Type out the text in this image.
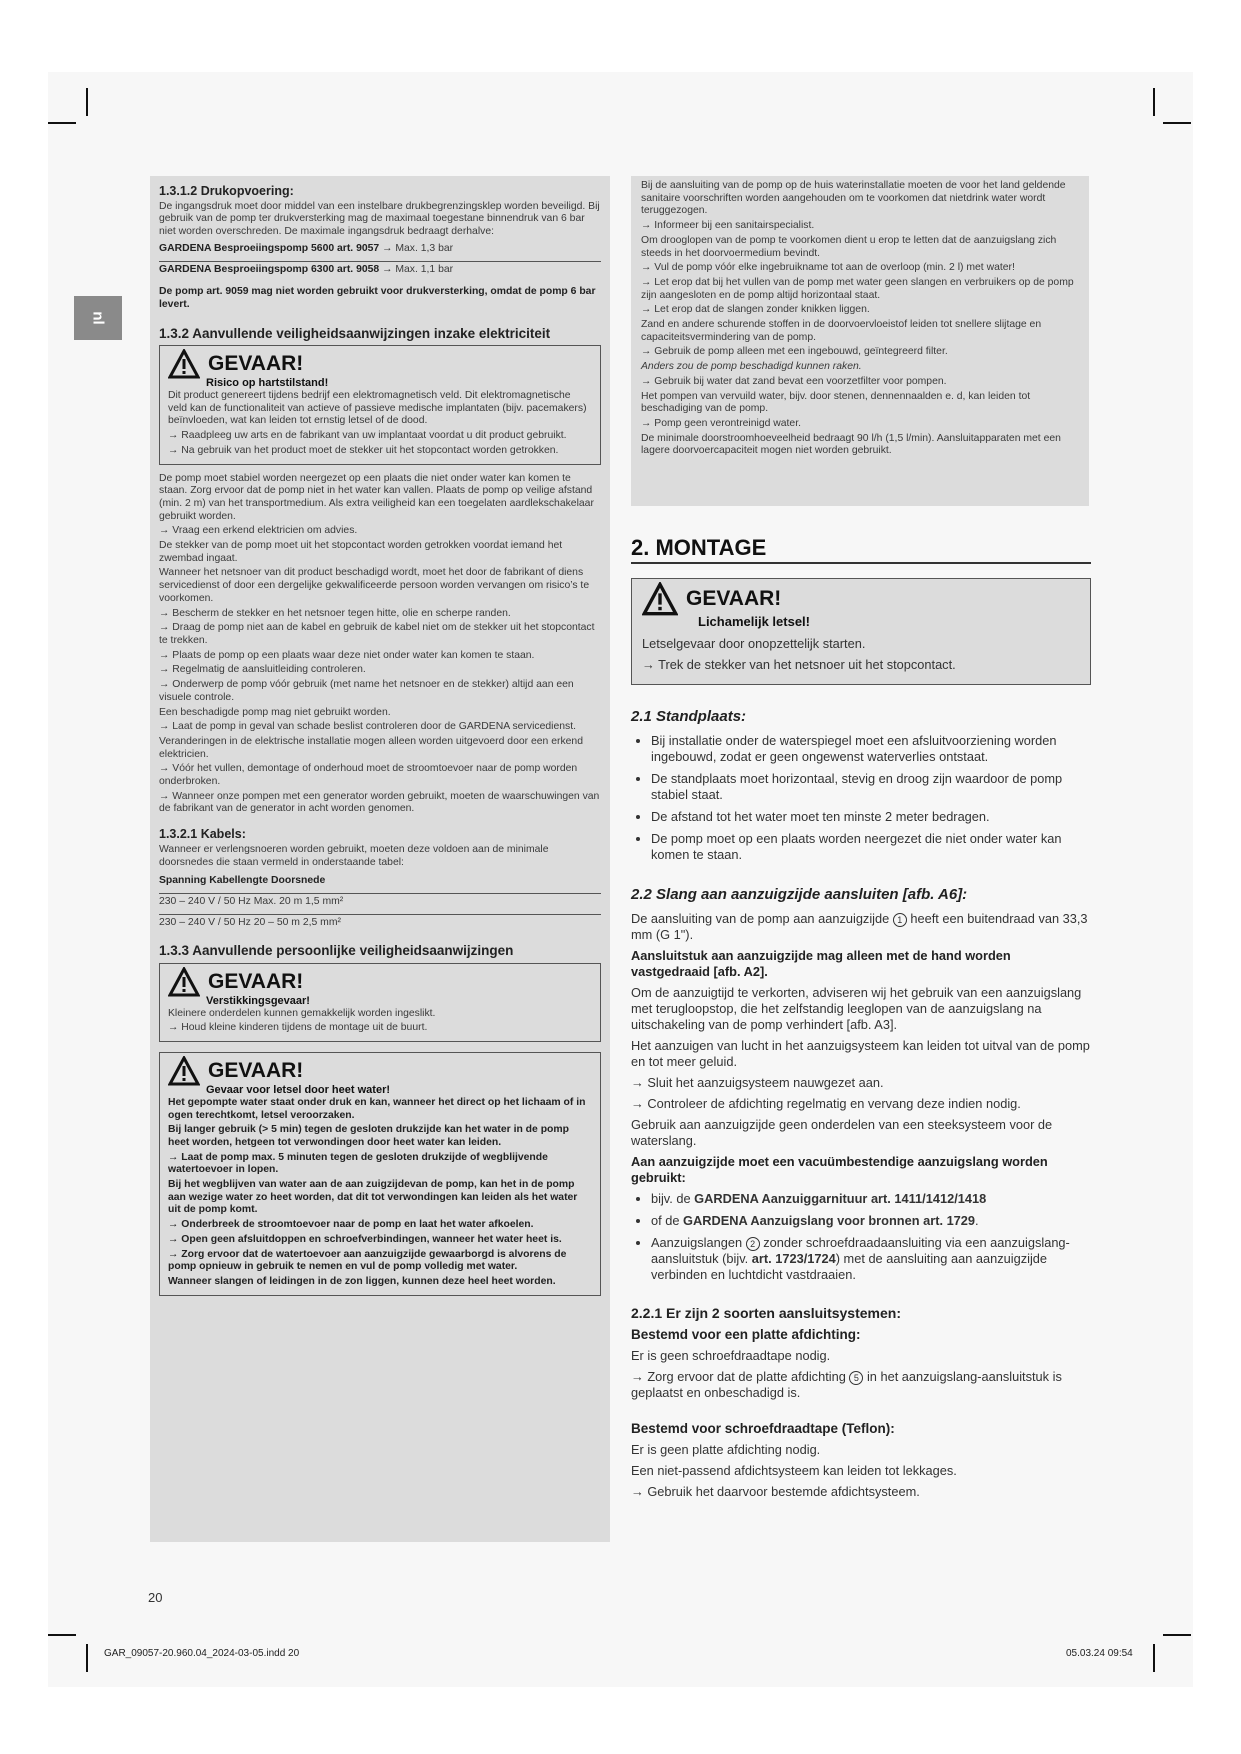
nl
1.3.1.2 Drukopvoering:

De ingangsdruk moet door middel van een instelbare drukbegrenzingsklep worden beveiligd. Bij gebruik van de pomp ter drukversterking mag de maximaal toegestane binnendruk van 6 bar niet worden overschreden. De maximale ingangsdruk bedraagt derhalve:

GARDENA Besproeiingspomp 5600 art. 9057 → Max. 1,3 bar

GARDENA Besproeiingspomp 6300 art. 9058 → Max. 1,1 bar

De pomp art. 9059 mag niet worden gebruikt voor drukversterking, omdat de pomp 6 bar levert.

1.3.2 Aanvullende veiligheidsaanwijzingen inzake elektriciteit
GEVAAR!
Risico op hartstilstand!

Dit product genereert tijdens bedrijf een elektromagnetisch veld. Dit elektromagnetische veld kan de functionaliteit van actieve of passieve medische implantaten (bijv. pacemakers) beïnvloeden, wat kan leiden tot ernstig letsel of de dood.

→ Raadpleeg uw arts en de fabrikant van uw implantaat voordat u dit product gebruikt.

→ Na gebruik van het product moet de stekker uit het stopcontact worden getrokken.

De pomp moet stabiel worden neergezet op een plaats die niet onder water kan komen te staan. Zorg ervoor dat de pomp niet in het water kan vallen. Plaats de pomp op veilige afstand (min. 2 m) van het transportmedium. Als extra veiligheid kan een toegelaten aardlekschakelaar gebruikt worden.

→ Vraag een erkend elektricien om advies.

De stekker van de pomp moet uit het stopcontact worden getrokken voordat iemand het zwembad ingaat.

Wanneer het netsnoer van dit product beschadigd wordt, moet het door de fabrikant of diens servicedienst of door een dergelijke gekwalificeerde persoon worden vervangen om risico’s te voorkomen.

→ Bescherm de stekker en het netsnoer tegen hitte, olie en scherpe randen.

→ Draag de pomp niet aan de kabel en gebruik de kabel niet om de stekker uit het stopcontact te trekken.

→ Plaats de pomp op een plaats waar deze niet onder water kan komen te staan.

→ Regelmatig de aansluitleiding controleren.

→ Onderwerp de pomp vóór gebruik (met name het netsnoer en de stekker) altijd aan een visuele controle.

Een beschadigde pomp mag niet gebruikt worden.

→ Laat de pomp in geval van schade beslist controleren door de GARDENA servicedienst.

Veranderingen in de elektrische installatie mogen alleen worden uitgevoerd door een erkend elektricien.

→ Vóór het vullen, demontage of onderhoud moet de stroomtoevoer naar de pomp worden onderbroken.

→ Wanneer onze pompen met een generator worden gebruikt, moeten de waarschuwingen van de fabrikant van de generator in acht worden genomen.

1.3.2.1 Kabels:

Wanneer er verlengsnoeren worden gebruikt, moeten deze voldoen aan de minimale doorsnedes die staan vermeld in onderstaande tabel:

Spanning Kabellengte Doorsnede

230 – 240 V / 50 Hz Max. 20 m 1,5 mm²

230 – 240 V / 50 Hz 20 – 50 m 2,5 mm²

1.3.3 Aanvullende persoonlijke veiligheidsaanwijzingen
GEVAAR!
Verstikkingsgevaar!

Kleinere onderdelen kunnen gemakkelijk worden ingeslikt.

→ Houd kleine kinderen tijdens de montage uit de buurt.

GEVAAR!
Gevaar voor letsel door heet water!

Het gepompte water staat onder druk en kan, wanneer het direct op het lichaam of in ogen terechtkomt, letsel veroorzaken.

Bij langer gebruik (> 5 min) tegen de gesloten drukzijde kan het water in de pomp heet worden, hetgeen tot verwondingen door heet water kan leiden.

→ Laat de pomp max. 5 minuten tegen de gesloten drukzijde of wegblijvende watertoevoer in lopen.

Bij het wegblijven van water aan de aan zuigzijdevan de pomp, kan het in de pomp aan wezige water zo heet worden, dat dit tot verwondingen kan leiden als het water uit de pomp komt.

→ Onderbreek de stroomtoevoer naar de pomp en laat het water afkoelen.

→ Open geen afsluitdoppen en schroefverbindingen, wanneer het water heet is.

→ Zorg ervoor dat de watertoevoer aan aanzuigzijde gewaarborgd is alvorens de pomp opnieuw in gebruik te nemen en vul de pomp volledig met water.

Wanneer slangen of leidingen in de zon liggen, kunnen deze heel heet worden.

Bij de aansluiting van de pomp op de huis waterinstallatie moeten de voor het land geldende sanitaire voorschriften worden aangehouden om te voorkomen dat nietdrink water wordt teruggezogen.

→ Informeer bij een sanitairspecialist.

Om drooglopen van de pomp te voorkomen dient u erop te letten dat de aanzuigslang zich steeds in het doorvoermedium bevindt.

→ Vul de pomp vóór elke ingebruikname tot aan de overloop (min. 2 l) met water!

→ Let erop dat bij het vullen van de pomp met water geen slangen en verbruikers op de pomp zijn aangesloten en de pomp altijd horizontaal staat.

→ Let erop dat de slangen zonder knikken liggen.

Zand en andere schurende stoffen in de doorvoervloeistof leiden tot snellere slijtage en capaciteitsvermindering van de pomp.

→ Gebruik de pomp alleen met een ingebouwd, geïntegreerd filter.

Anders zou de pomp beschadigd kunnen raken.

→ Gebruik bij water dat zand bevat een voorzetfilter voor pompen.

Het pompen van vervuild water, bijv. door stenen, dennennaalden e. d, kan leiden tot beschadiging van de pomp.

→ Pomp geen verontreinigd water.

De minimale doorstroomhoeveelheid bedraagt 90 l/h (1,5 l/min). Aansluitapparaten met een lagere doorvoercapaciteit mogen niet worden gebruikt.

2. MONTAGE
GEVAAR!
Lichamelijk letsel!

Letselgevaar door onopzettelijk starten.

→ Trek de stekker van het netsnoer uit het stopcontact.

2.1 Standplaats:
• Bij installatie onder de waterspiegel moet een afsluitvoorziening worden ingebouwd, zodat er geen ongewenst waterverlies ontstaat.
• De standplaats moet horizontaal, stevig en droog zijn waardoor de pomp stabiel staat.
• De afstand tot het water moet ten minste 2 meter bedragen.
• De pomp moet op een plaats worden neergezet die niet onder water kan komen te staan.
2.2 Slang aan aanzuigzijde aansluiten [afb. A6]:

De aansluiting van de pomp aan aanzuigzijde 1 heeft een buitendraad van 33,3 mm (G 1").

Aansluitstuk aan aanzuigzijde mag alleen met de hand worden vastgedraaid [afb. A2].

Om de aanzuigtijd te verkorten, adviseren wij het gebruik van een aanzuigslang met terugloopstop, die het zelfstandig leeglopen van de aanzuigslang na uitschakeling van de pomp verhindert [afb. A3].

Het aanzuigen van lucht in het aanzuigsysteem kan leiden tot uitval van de pomp en tot meer geluid.

→ Sluit het aanzuigsysteem nauwgezet aan.

→ Controleer de afdichting regelmatig en vervang deze indien nodig.

Gebruik aan aanzuigzijde geen onderdelen van een steeksysteem voor de waterslang.

Aan aanzuigzijde moet een vacuümbestendige aanzuigslang worden gebruikt:

• bijv. de GARDENA Aanzuiggarnituur art. 1411/1412/1418
• of de GARDENA Aanzuigslang voor bronnen art. 1729.
• Aanzuigslangen 2 zonder schroefdraadaansluiting via een aanzuigslang-aansluitstuk (bijv. art. 1723/1724) met de aansluiting aan aanzuigzijde verbinden en luchtdicht vastdraaien.
2.2.1 Er zijn 2 soorten aansluitsystemen:

Bestemd voor een platte afdichting:

Er is geen schroefdraadtape nodig.

→ Zorg ervoor dat de platte afdichting 5 in het aanzuigslang-aansluitstuk is geplaatst en onbeschadigd is.

Bestemd voor schroefdraadtape (Teflon):

Er is geen platte afdichting nodig.

Een niet-passend afdichtsysteem kan leiden tot lekkages.

→ Gebruik het daarvoor bestemde afdichtsysteem.

20
GAR_09057-20.960.04_2024-03-05.indd 20	05.03.24 09:54
